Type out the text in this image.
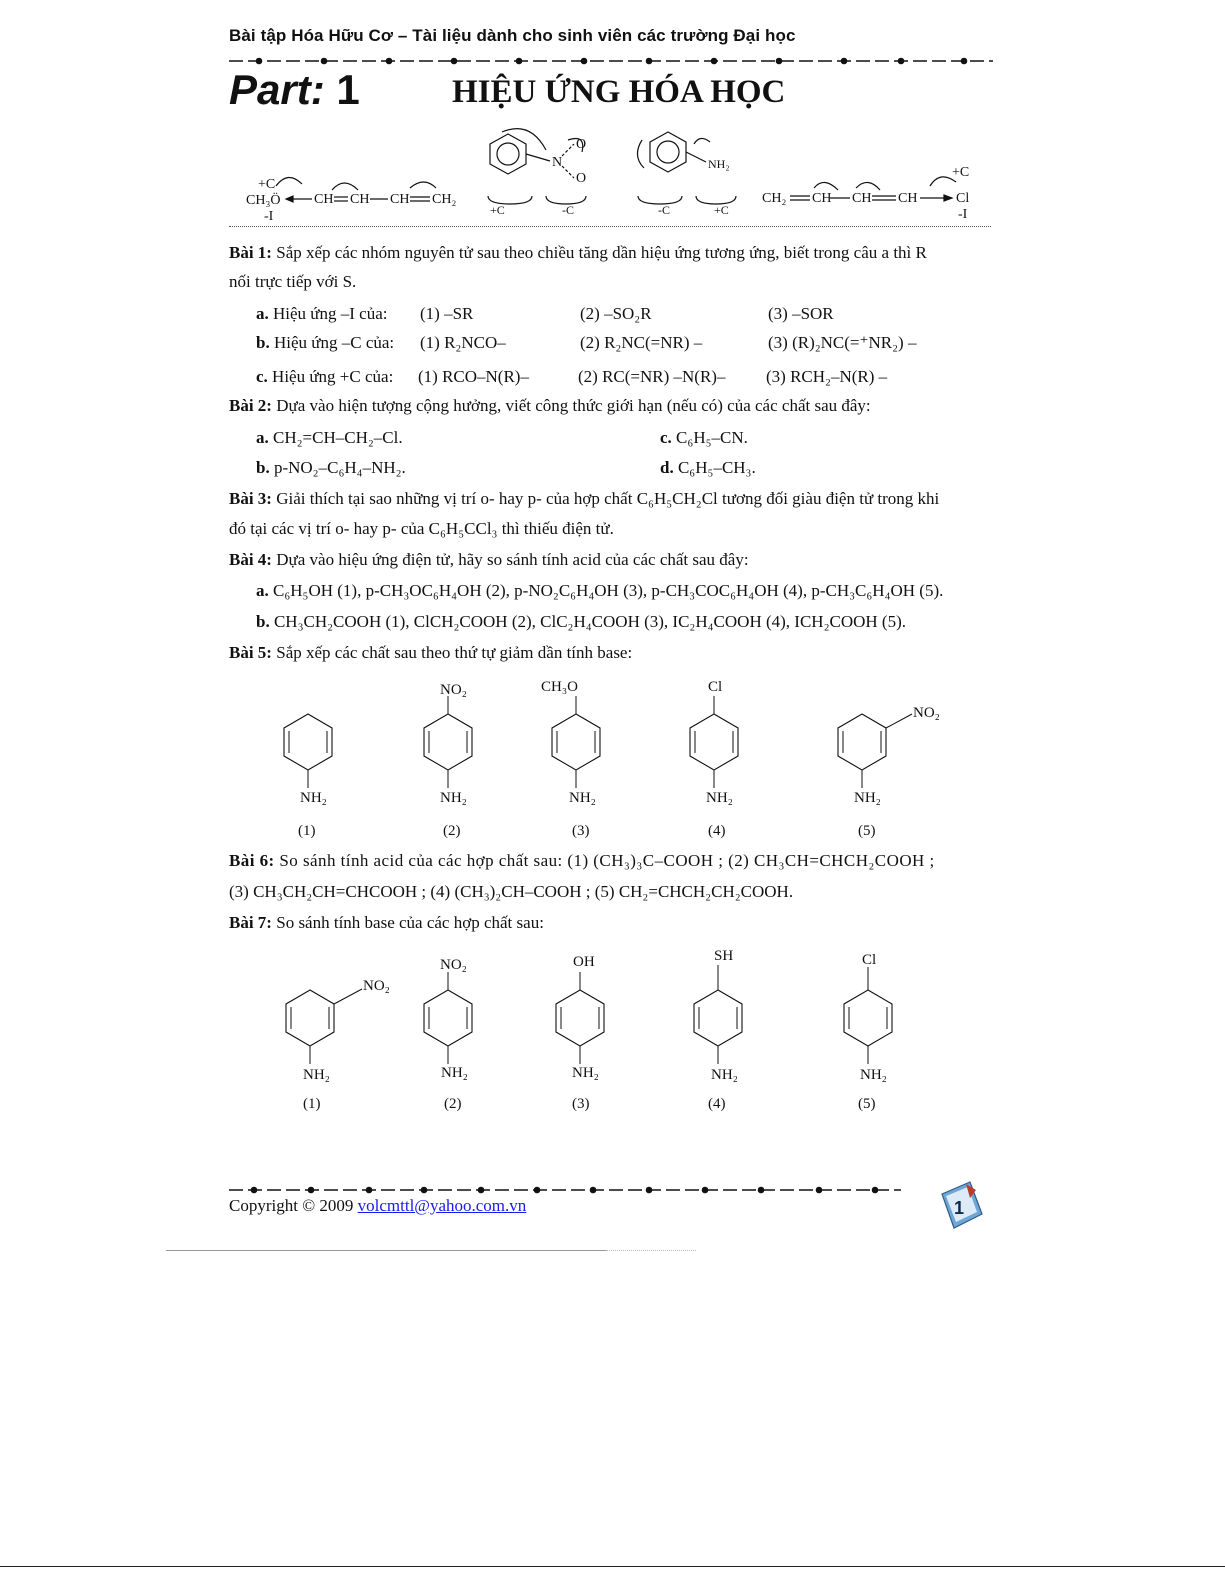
Bài tập Hóa Hữu Cơ – Tài liệu dành cho sinh viên các trường Đại học
Part: 1	HIỆU ỨNG HÓA HỌC
+C
CH₃Ö
-I
CH CH CH CH₂
+C	-C
N
O
O
NH₂
-C	+C
CH₂ CH CH CH
+C
Cl
-I
Bài 1: Sắp xếp các nhóm nguyên tử sau theo chiều tăng dần hiệu ứng tương ứng, biết trong câu a thì R
nối trực tiếp với S.
a. Hiệu ứng –I của: (1) –SR	(2) –SO₂R	(3) –SOR
b. Hiệu ứng –C của: (1) R₂NCO–	(2) R₂NC(=NR) –	(3) (R)₂NC(=⁺NR₂) –
c. Hiệu ứng +C của: (1) RCO–N(R)–	(2) RC(=NR) –N(R)– (3) RCH₂–N(R) –
Bài 2: Dựa vào hiện tượng cộng hưởng, viết công thức giới hạn (nếu có) của các chất sau đây:
a. CH₂=CH–CH₂–Cl.	c. C₆H₅–CN.
b. p-NO₂–C₆H₄–NH₂.	d. C₆H₅–CH₃.
Bài 3: Giải thích tại sao những vị trí o- hay p- của hợp chất C₆H₅CH₂Cl tương đối giàu điện tử trong khi
đó tại các vị trí o- hay p- của C₆H₅CCl₃ thì thiếu điện tử.
Bài 4: Dựa vào hiệu ứng điện tử, hãy so sánh tính acid của các chất sau đây:
a. C₆H₅OH (1), p-CH₃OC₆H₄OH (2), p-NO₂C₆H₄OH (3), p-CH₃COC₆H₄OH (4), p-CH₃C₆H₄OH (5).
b. CH₃CH₂COOH (1), ClCH₂COOH (2), ClC₂H₄COOH (3), IC₂H₄COOH (4), ICH₂COOH (5).
Bài 5: Sắp xếp các chất sau theo thứ tự giảm dần tính base:
NH₂
(1)
NO₂
NH₂
(2)
CH₃O
NH₂
(3)
Cl
NH₂
(4)
NO₂
NH₂
(5)
Bài 6: So sánh tính acid của các hợp chất sau: (1) (CH₃)₃C–COOH ; (2) CH₃CH=CHCH₂COOH ;
(3) CH₃CH₂CH=CHCOOH ; (4) (CH₃)₂CH–COOH ; (5) CH₂=CHCH₂CH₂COOH.
Bài 7: So sánh tính base của các hợp chất sau:
NO₂
NH₂
(1)
NO₂
NH₂
(2)
OH
NH₂
(3)
SH
NH₂
(4)
Cl
NH₂
(5)
Copyright © 2009 volcmttl@yahoo.com.vn	1
